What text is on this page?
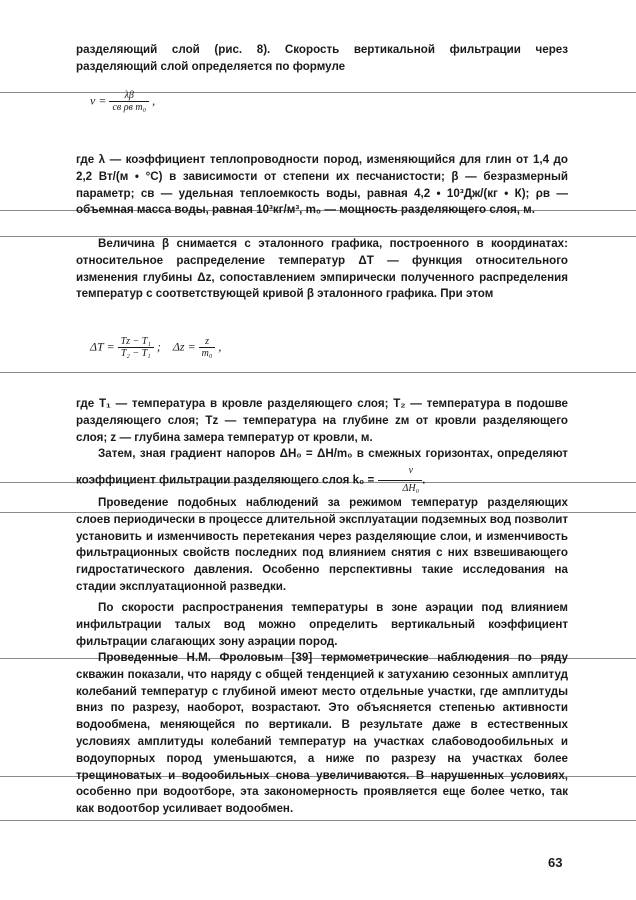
разделяющий слой (рис. 8). Скорость вертикальной фильтрации через разделяющий слой определяется по формуле

$v = \frac{\lambda\beta}{\text{cв ρв m₀}}$ ,

где λ — коэффициент теплопроводности пород, изменяющийся для глин от 1,4 до 2,2 Вт/(м • °С) в зависимости от степени их песчанистости; β — безразмерный параметр; cв — удельная теплоемкость воды, равная 4,2 • 10³Дж/(кг • К); ρв — объемная масса воды, равная 10³кг/м³, m₀ — мощность разделяющего слоя, м.

Величина β снимается с эталонного графика, построенного в координатах: относительное распределение температур ΔT — функция относительного изменения глубины Δz, сопоставлением эмпирически полученного распределения температур с соответствующей кривой β эталонного графика. При этом

$\Delta T = \frac{\text{Tz − T₁}}{\text{T₂ − T₁}}$ ; $\Delta z = \frac{z}{\text{m₀}}$ ,

где T₁ — температура в кровле разделяющего слоя; T₂ — температура в подошве разделяющего слоя; Tz — температура на глубине zм от кровли разделяющего слоя; z — глубина замера температур от кровли, м.

Затем, зная градиент напоров ΔH₀ = ΔH/m₀ в смежных горизонтах, определяют коэффициент фильтрации разделяющего слоя $k_0 = \frac{v}{\text{ΔH₀}}$ .

Проведение подобных наблюдений за режимом температур разделяющих слоев периодически в процессе длительной эксплуатации подземных вод позволит установить и изменчивость перетекания через разделяющие слои, и изменчивость фильтрационных свойств последних под влиянием снятия с них взвешивающего гидростатического давления. Особенно перспективны такие исследования на стадии эксплуатационной разведки.

По скорости распространения температуры в зоне аэрации под влиянием инфильтрации талых вод можно определить вертикальный коэффициент фильтрации слагающих зону аэрации пород.

Проведенные Н.М. Фроловым [39] термометрические наблюдения по ряду скважин показали, что наряду с общей тенденцией к затуханию сезонных амплитуд колебаний температур с глубиной имеют место отдельные участки, где амплитуды вниз по разрезу, наоборот, возрастают. Это объясняется степенью активности водообмена, меняющейся по вертикали. В результате даже в естественных условиях амплитуды колебаний температур на участках слабоводообильных и водоупорных пород уменьшаются, а ниже по разрезу на участках более трещиноватых и водообильных снова увеличиваются. В нарушенных условиях, особенно при водоотборе, эта закономерность проявляется еще более четко, так как водоотбор усиливает водообмен.

63
